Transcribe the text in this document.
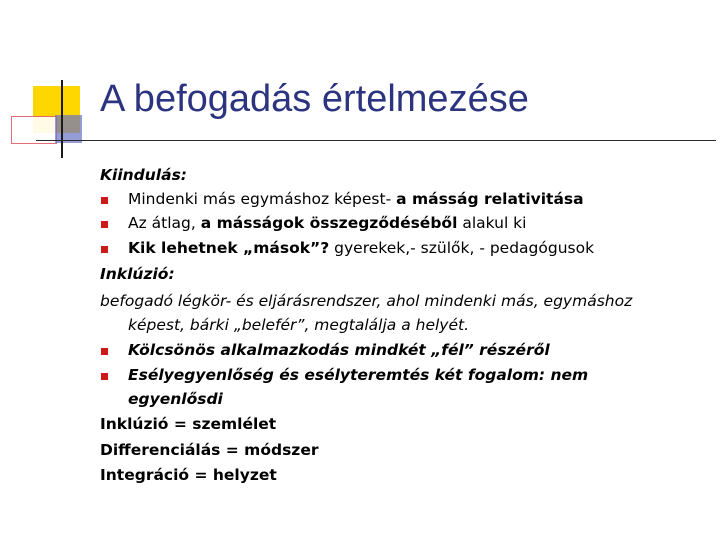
A befogadás értelmezése
Kiindulás:
Mindenki más egymáshoz képest- a másság relativitása
Az átlag, a másságok összegződéséből alakul ki
Kik lehetnek „mások”? gyerekek,- szülők, - pedagógusok
Inklúzió:
befogadó légkör- és eljárásrendszer, ahol mindenki más, egymáshoz
képest, bárki „belefér”, megtalálja a helyét.
Kölcsönös alkalmazkodás mindkét „fél” részéről
Esélyegyenlőség és esélyteremtés két fogalom: nem
egyenlősdi
Inklúzió = szemlélet
Differenciálás = módszer
Integráció = helyzet
